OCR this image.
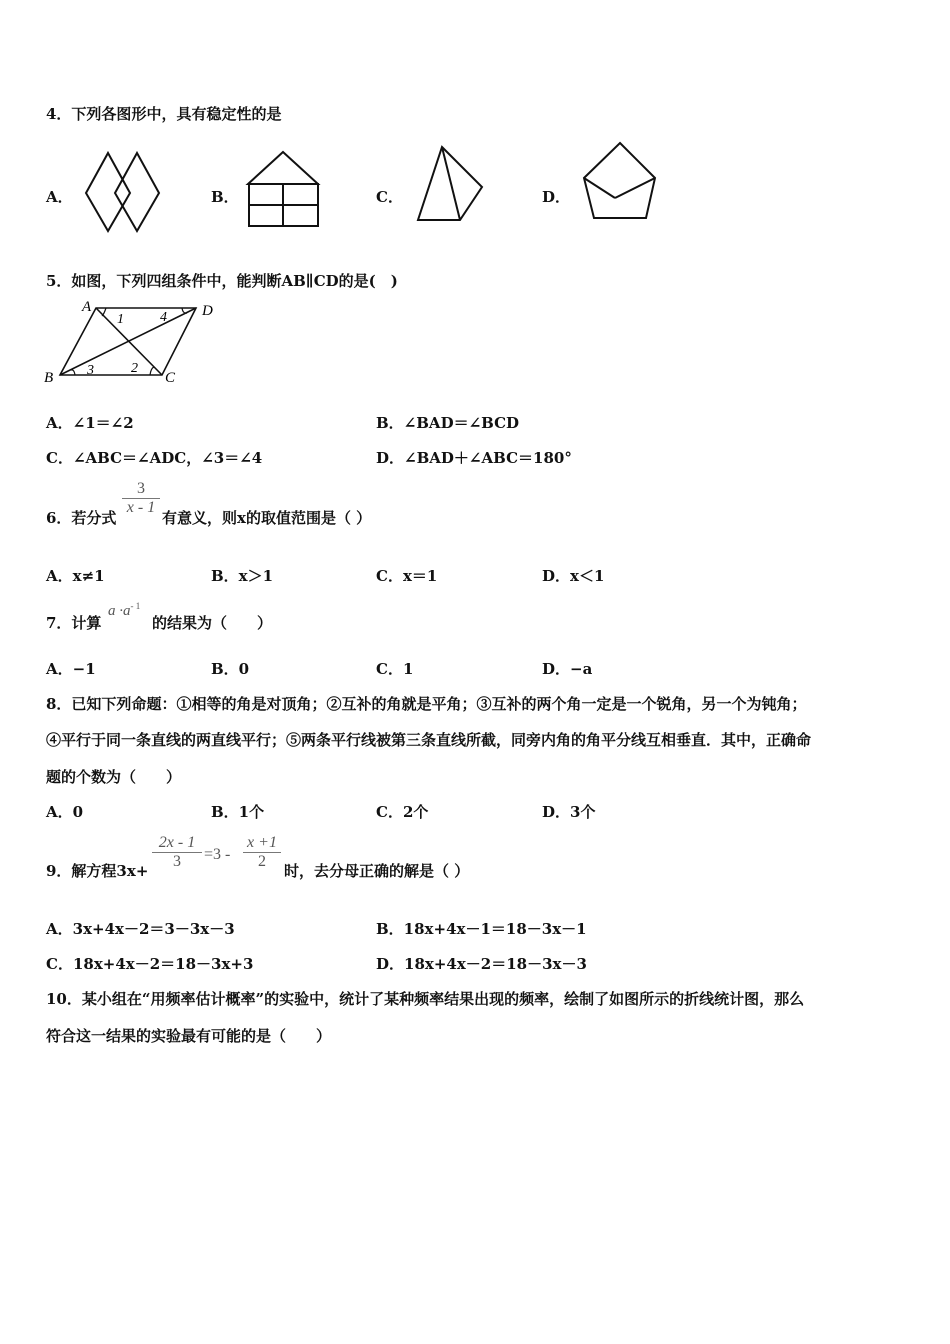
4．下列各图形中，具有稳定性的是
A．	B．	C．	D．
5．如图，下列四组条件中，能判断AB∥CD的是(　)
A	D
B	C
1	4
3	2
A．∠1＝∠2	B．∠BAD＝∠BCD
C．∠ABC＝∠ADC，∠3＝∠4	D．∠BAD＋∠ABC＝180°
6．若分式
3
x - 1
有意义，则x的取值范围是（ ）
A．x≠1	B．x＞1	C．x＝1	D．x＜1
7．计算
$a \cdot a^{- 1}$
的结果为（　　）
A．−1	B．0	C．1	D．−a
8．已知下列命题：①相等的角是对顶角；②互补的角就是平角；③互补的两个角一定是一个锐角，另一个为钝角；
④平行于同一条直线的两直线平行；⑤两条平行线被第三条直线所截，同旁内角的角平分线互相垂直．其中，正确命
题的个数为（　　）
A．0	B．1个	C．2个	D．3个
9．解方程3x+
2x - 1
3	=3 -
x +1
2
时，去分母正确的解是（ ）
A．3x+4x－2＝3－3x－3	B．18x+4x－1＝18－3x－1
C．18x+4x－2＝18－3x+3	D．18x+4x－2＝18－3x－3
10．某小组在“用频率估计概率”的实验中，统计了某种频率结果出现的频率，绘制了如图所示的折线统计图，那么
符合这一结果的实验最有可能的是（　　）
